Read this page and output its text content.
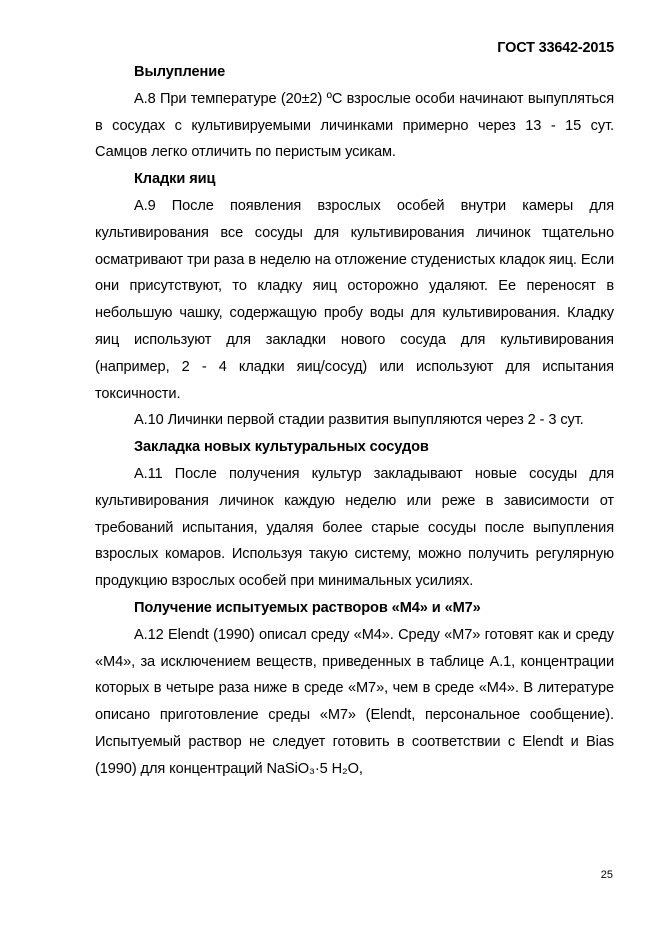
ГОСТ 33642-2015

Вылупление

А.8 При температуре (20±2) ºС взрослые особи начинают выпупляться в сосудах с культивируемыми личинками примерно через 13 - 15 сут. Самцов легко отличить по перистым усикам.

Кладки яиц

А.9 После появления взрослых особей внутри камеры для культивирования все сосуды для культивирования личинок тщательно осматривают три раза в неделю на отложение студенистых кладок яиц. Если они присутствуют, то кладку яиц осторожно удаляют. Ее переносят в небольшую чашку, содержащую пробу воды для культивирования. Кладку яиц используют для закладки нового сосуда для культивирования (например, 2 - 4 кладки яиц/сосуд) или используют для испытания токсичности.

А.10 Личинки первой стадии развития выпупляются через 2 - 3 сут.

Закладка новых культуральных сосудов

А.11 После получения культур закладывают новые сосуды для культивирования личинок каждую неделю или реже в зависимости от требований испытания, удаляя более старые сосуды после выпупления взрослых комаров. Используя такую систему, можно получить регулярную продукцию взрослых особей при минимальных усилиях.

Получение испытуемых растворов «М4» и «М7»

А.12 Elendt (1990) описал среду «М4». Среду «М7» готовят как и среду «М4», за исключением веществ, приведенных в таблице А.1, концентрации которых в четыре раза ниже в среде «М7», чем в среде «М4». В литературе описано приготовление среды «М7» (Elendt, персональное сообщение). Испытуемый раствор не следует готовить в соответствии с Elendt и Bias (1990) для концентраций NaSiO₃·5 H₂O,

25
